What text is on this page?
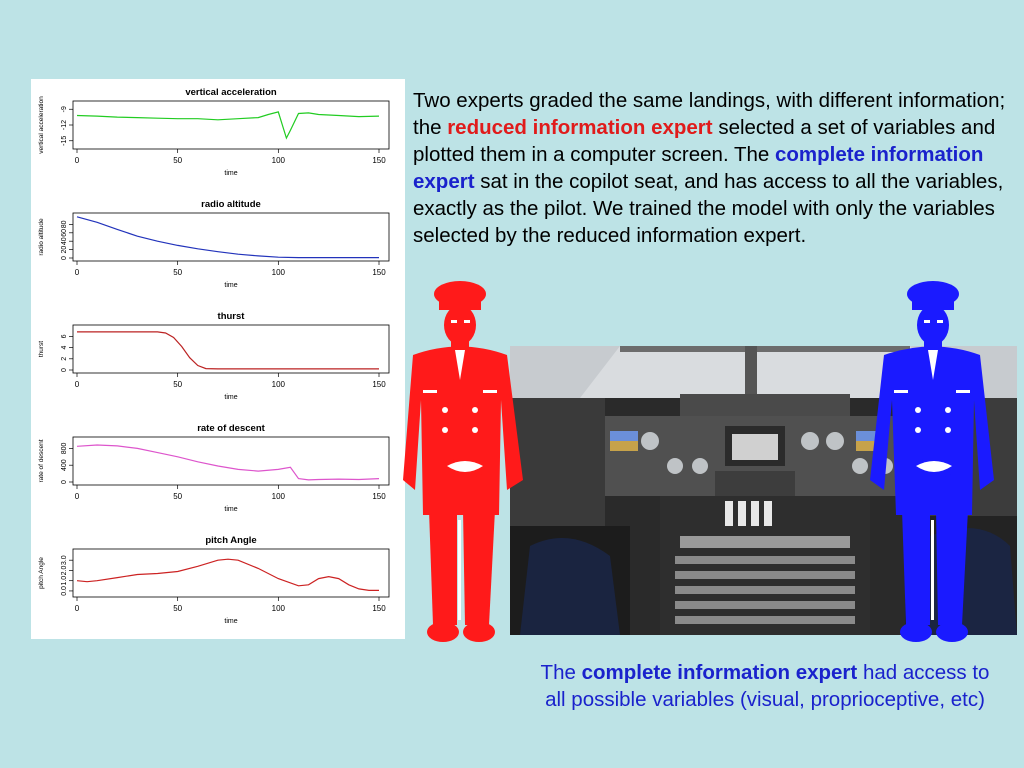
vertical acceleration
0	50	100	150
time
-15
-12
-9
vertical acceleration
radio altitude
0	50	100	150
time
0
20
40
60
80
radio altitude
thurst
0	50	100	150
time
0
2
4
6
thurst
rate of descent
0	50	100	150
time
0
400
800
rate of descent
pitch Angle
0	50	100	150
time
0.0
1.0
2.0
3.0
pitch Angle
Two experts graded the same landings, with different information; the reduced information expert selected a set of variables and plotted them in a computer screen. The complete information expert sat in the copilot seat, and has access to all the variables, exactly as the pilot. We trained the model with only the variables selected by the reduced information expert.
The complete information expert had access to all possible variables (visual, proprioceptive, etc)
